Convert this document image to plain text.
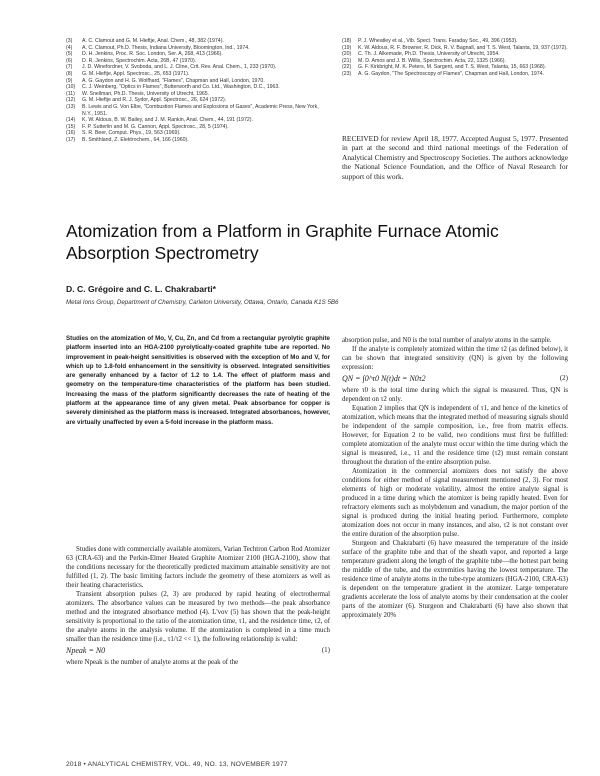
(3)	A. C. Clamout and G. M. Hieftje, Anal. Chem., 48, 382 (1974).
(4)	A. C. Clamout, Ph.D. Thesis, Indiana University, Bloomington, Ind., 1974.
(5)	D. H. Jenkins, Proc. R. Soc. London, Ser. A, 268, 413 (1966).
(6)	D. R. Jenkins, Spectrochim. Acta, 26B, 47 (1970).
(7)	J. D. Winefordner, V. Svoboda, and L. J. Cline, Crit. Rev. Anal. Chem., 1, 233 (1970).
(8)	G. M. Hieftje, Appl. Spectrosc., 25, 653 (1971).
(9)	A. G. Gaydon and H. G. Wolfhard, "Flames", Chapman and Hall, London, 1970.
(10)	C. J. Weinberg, "Optics in Flames", Butterworth and Co. Ltd., Washington, D.C., 1963.
(11)	W. Snellman, Ph.D. Thesis, University of Utrecht, 1965.
(12)	G. M. Hieftje and R. J. Sydor, Appl. Spectrosc., 26, 624 (1972).
(13)	B. Lewis and G. Von Elbe, "Combustion Flames and Explosions of Gases", Academic Press, New York, N.Y., 1951.
(14)	K. W. Aldous, B. W. Bailey, and J. M. Rankin, Anal. Chem., 44, 191 (1972).
(15)	F. P. Sutterlin and M. G. Cannon, Appl. Spectrosc., 28, 5 (1974).
(16)	S. R. Beer, Comput. Phys., 19, 563 (1969).
(17)	B. Smithland, Z. Elektrochem., 64, 166 (1960).
(18)	P. J. Wheatley et al., Vib. Spect. Trans. Faraday Soc., 49, 396 (1953).
(19)	K. W. Aldous, R. F. Browner, R. Dick, R. V. Bagnall, and T. S. West, Talanta, 19, 937 (1972).
(20)	C. Th. J. Alkemade, Ph.D. Thesis, University of Utrecht, 1954.
(21)	M. D. Amos and J. B. Willis, Spectrochim. Acta, 22, 1325 (1966).
(22)	G. F. Kirkbright, M. K. Peters, M. Sargent, and T. S. West, Talanta, 15, 663 (1968).
(23)	A. G. Gaydon, "The Spectroscopy of Flames", Chapman and Hall, London, 1974.
RECEIVED for review April 18, 1977. Accepted August 5, 1977. Presented in part at the second and third national meetings of the Federation of Analytical Chemistry and Spectroscopy Societies. The authors acknowledge the National Science Foundation, and the Office of Naval Research for support of this work.
Atomization from a Platform in Graphite Furnace Atomic Absorption Spectrometry
D. C. Grégoire and C. L. Chakrabarti*
Metal Ions Group, Department of Chemistry, Carleton University, Ottawa, Ontario, Canada K1S 5B6
Studies on the atomization of Mo, V, Cu, Zn, and Cd from a rectangular pyrolytic graphite platform inserted into an HGA-2100 pyrolytically-coated graphite tube are reported. No improvement in peak-height sensitivities is observed with the exception of Mo and V, for which up to 1.8-fold enhancement in the sensitivity is observed. Integrated sensitivities are generally enhanced by a factor of 1.2 to 1.4. The effect of platform mass and geometry on the temperature-time characteristics of the platform has been studied. Increasing the mass of the platform significantly decreases the rate of heating of the platform at the appearance time of any given metal. Peak absorbance for copper is severely diminished as the platform mass is increased. Integrated absorbances, however, are virtually unaffected by even a 5-fold increase in the platform mass.

Studies done with commercially available atomizers, Varian Techtron Carbon Rod Atomizer 63 (CRA-63) and the Perkin-Elmer Heated Graphite Atomizer 2100 (HGA-2100), show that the conditions necessary for the theoretically predicted maximum attainable sensitivity are not fulfilled (1, 2). The basic limiting factors include the geometry of these atomizers as well as their heating characteristics.

Transient absorption pulses (2, 3) are produced by rapid heating of electrothermal atomizers. The absorbance values can be measured by two methods—the peak absorbance method and the integrated absorbance method (4). L'vov (5) has shown that the peak-height sensitivity is proportional to the ratio of the atomization time, τ1, and the residence time, τ2, of the analyte atoms in the analysis volume. If the atomization is completed in a time much smaller than the residence time (i.e., τ1/τ2 << 1), the following relationship is valid:

Npeak = N0	(1)

where Npeak is the number of analyte atoms at the peak of the

absorption pulse, and N0 is the total number of analyte atoms in the sample.

If the analyte is completely atomized within the time τ2 (as defined below), it can be shown that integrated sensitivity (QN) is given by the following expression:

QN = ∫0^τ0 N(t)dt = N0τ2	(2)

where τ0 is the total time during which the signal is measured. Thus, QN is dependent on τ2 only.

Equation 2 implies that QN is independent of τ1, and hence of the kinetics of atomization, which means that the integrated method of measuring signals should be independent of the sample composition, i.e., free from matrix effects. However, for Equation 2 to be valid, two conditions must first be fulfilled: complete atomization of the analyte must occur within the time during which the signal is measured, i.e., τ1 and the residence time (τ2) must remain constant throughout the duration of the entire absorption pulse.

Atomization in the commercial atomizers does not satisfy the above conditions for either method of signal measurement mentioned (2, 3). For most elements of high or moderate volatility, almost the entire analyte signal is produced in a time during which the atomizer is being rapidly heated. Even for refractory elements such as molybdenum and vanadium, the major portion of the signal is produced during the initial heating period. Furthermore, complete atomization does not occur in many instances, and also, τ2 is not constant over the entire duration of the absorption pulse.

Sturgeon and Chakrabarti (6) have measured the temperature of the inside surface of the graphite tube and that of the sheath vapor, and reported a large temperature gradient along the length of the graphite tube—the hottest part being the middle of the tube, and the extremities having the lowest temperature. The residence time of analyte atoms in the tube-type atomizers (HGA-2100, CRA-63) is dependent on the temperature gradient in the atomizer. Large temperature gradients accelerate the loss of analyte atoms by their condensation at the cooler parts of the atomizer (6). Sturgeon and Chakrabarti (6) have also shown that approximately 20%

2018 • ANALYTICAL CHEMISTRY, VOL. 49, NO. 13, NOVEMBER 1977
